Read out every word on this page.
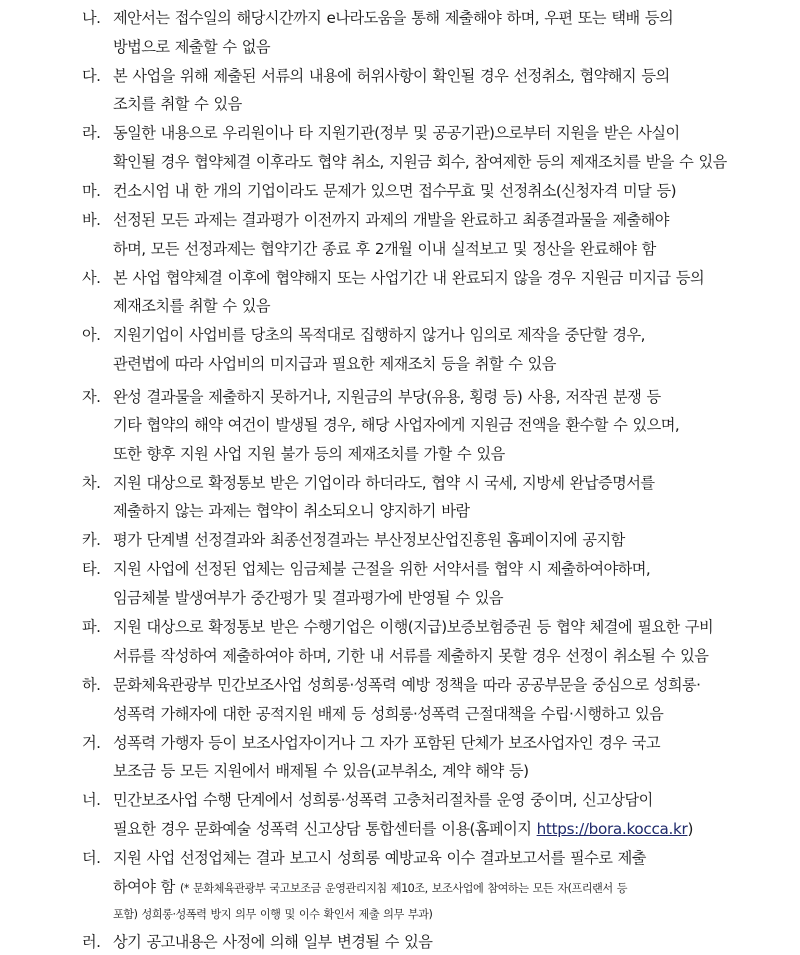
나. 제안서는 접수일의 해당시간까지 e나라도움을 통해 제출해야 하며, 우편 또는 택배 등의
방법으로 제출할 수 없음
다. 본 사업을 위해 제출된 서류의 내용에 허위사항이 확인될 경우 선정취소, 협약해지 등의
조치를 취할 수 있음
라. 동일한 내용으로 우리원이나 타 지원기관(정부 및 공공기관)으로부터 지원을 받은 사실이
확인될 경우 협약체결 이후라도 협약 취소, 지원금 회수, 참여제한 등의 제재조치를 받을 수 있음
마. 컨소시엄 내 한 개의 기업이라도 문제가 있으면 접수무효 및 선정취소(신청자격 미달 등)
바. 선정된 모든 과제는 결과평가 이전까지 과제의 개발을 완료하고 최종결과물을 제출해야
하며, 모든 선정과제는 협약기간 종료 후 2개월 이내 실적보고 및 정산을 완료해야 함
사. 본 사업 협약체결 이후에 협약해지 또는 사업기간 내 완료되지 않을 경우 지원금 미지급 등의
제재조치를 취할 수 있음
아. 지원기업이 사업비를 당초의 목적대로 집행하지 않거나 임의로 제작을 중단할 경우,
관련법에 따라 사업비의 미지급과 필요한 제재조치 등을 취할 수 있음
자. 완성 결과물을 제출하지 못하거나, 지원금의 부당(유용, 횡령 등) 사용, 저작권 분쟁 등
기타 협약의 해약 여건이 발생될 경우, 해당 사업자에게 지원금 전액을 환수할 수 있으며,
또한 향후 지원 사업 지원 불가 등의 제재조치를 가할 수 있음
차. 지원 대상으로 확정통보 받은 기업이라 하더라도, 협약 시 국세, 지방세 완납증명서를
제출하지 않는 과제는 협약이 취소되오니 양지하기 바람
카. 평가 단계별 선정결과와 최종선정결과는 부산정보산업진흥원 홈페이지에 공지함
타. 지원 사업에 선정된 업체는 임금체불 근절을 위한 서약서를 협약 시 제출하여야하며,
임금체불 발생여부가 중간평가 및 결과평가에 반영될 수 있음
파. 지원 대상으로 확정통보 받은 수행기업은 이행(지급)보증보험증권 등 협약 체결에 필요한 구비
서류를 작성하여 제출하여야 하며, 기한 내 서류를 제출하지 못할 경우 선정이 취소될 수 있음
하. 문화체육관광부 민간보조사업 성희롱·성폭력 예방 정책을 따라 공공부문을 중심으로 성희롱·
성폭력 가해자에 대한 공적지원 배제 등 성희롱·성폭력 근절대책을 수립·시행하고 있음
거. 성폭력 가행자 등이 보조사업자이거나 그 자가 포함된 단체가 보조사업자인 경우 국고
보조금 등 모든 지원에서 배제될 수 있음(교부취소, 계약 해약 등)
너. 민간보조사업 수행 단계에서 성희롱·성폭력 고충처리절차를 운영 중이며, 신고상담이
필요한 경우 문화예술 성폭력 신고상담 통합센터를 이용(홈페이지 https://bora.kocca.kr)
더. 지원 사업 선정업체는 결과 보고시 성희롱 예방교육 이수 결과보고서를 필수로 제출
하여야 함 (* 문화체육관광부 국고보조금 운영관리지침 제10조, 보조사업에 참여하는 모든 자(프리랜서 등
포함) 성희롱·성폭력 방지 의무 이행 및 이수 확인서 제출 의무 부과)
러. 상기 공고내용은 사정에 의해 일부 변경될 수 있음
